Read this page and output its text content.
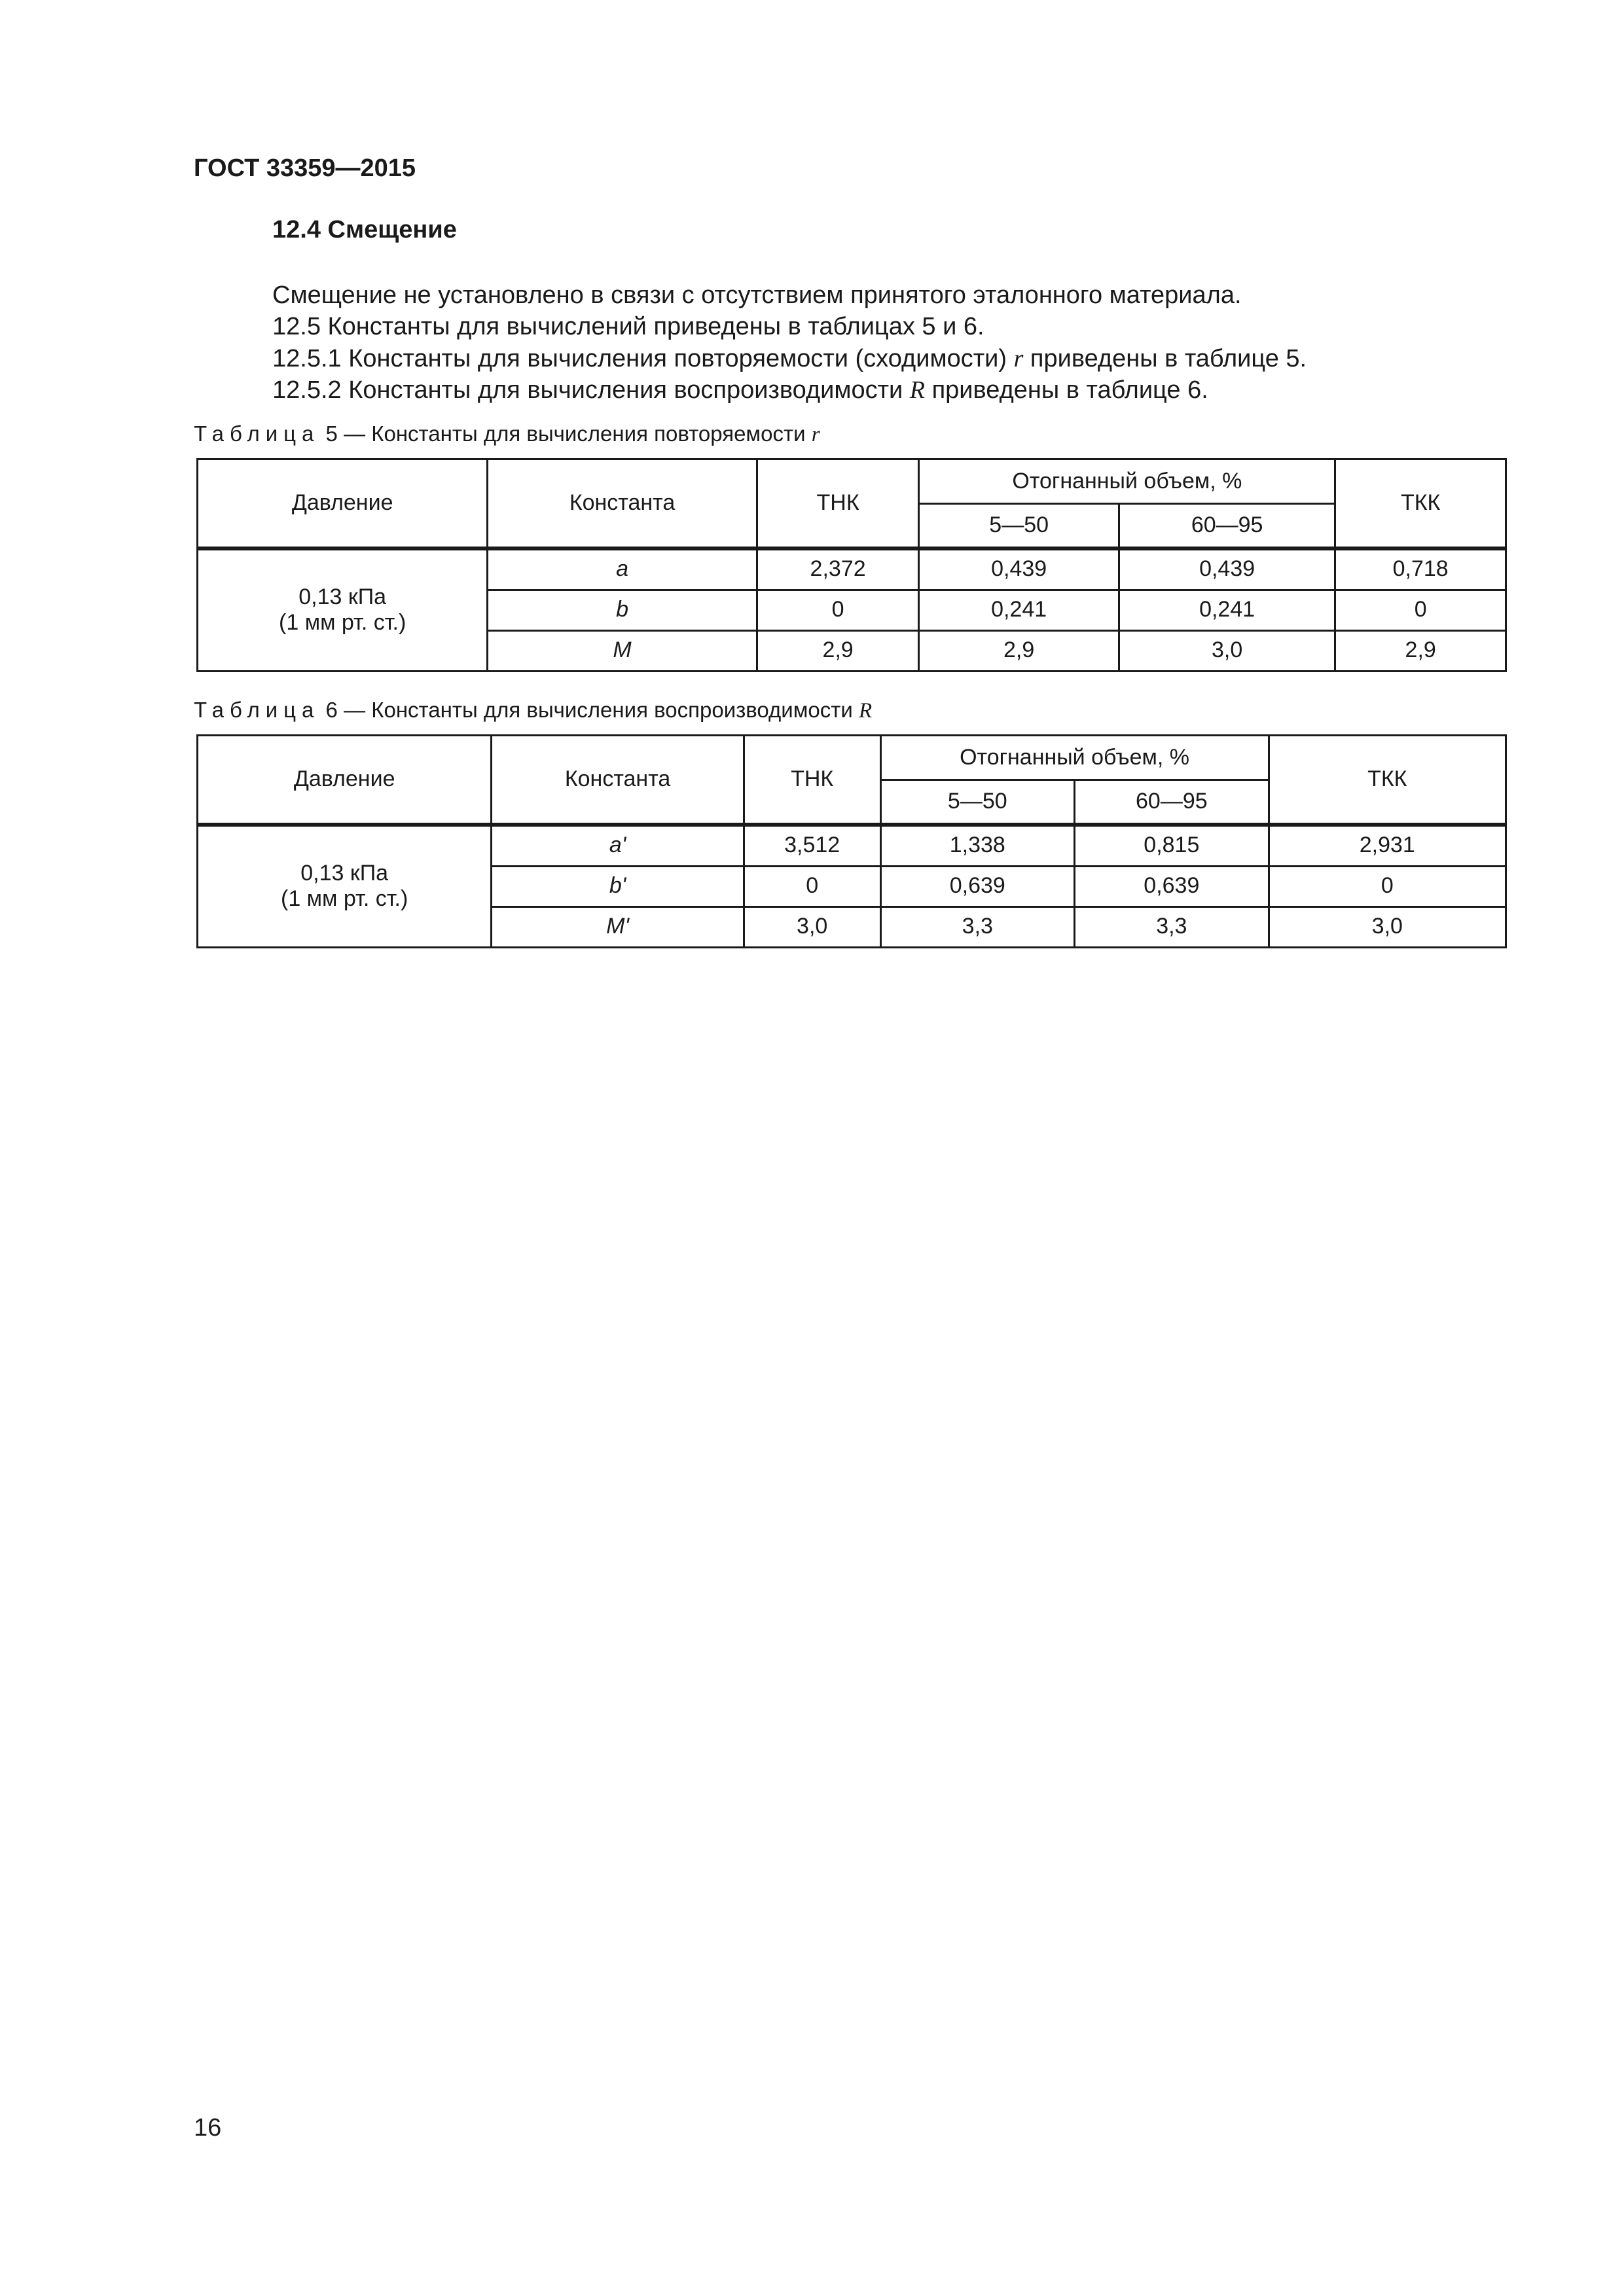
ГОСТ 33359—2015
12.4 Смещение
Смещение не установлено в связи с отсутствием принятого эталонного материала.
12.5 Константы для вычислений приведены в таблицах 5 и 6.
12.5.1 Константы для вычисления повторяемости (сходимости) r приведены в таблице 5.
12.5.2 Константы для вычисления воспроизводимости R приведены в таблице 6.
Таблица 5 — Константы для вычисления повторяемости r
Давление	Константа	ТНК	Отогнанный объем, %		ТКК
			5—50	60—95	
0,13 кПа
(1 мм рт. ст.)	a	2,372	0,439	0,439	0,718
	b	0	0,241	0,241	0
	M	2,9	2,9	3,0	2,9
Таблица 6 — Константы для вычисления воспроизводимости R
Давление	Константа	ТНК	Отогнанный объем, %		ТКК
			5—50	60—95	
0,13 кПа
(1 мм рт. ст.)	a'	3,512	1,338	0,815	2,931
	b'	0	0,639	0,639	0
	M'	3,0	3,3	3,3	3,0
16
